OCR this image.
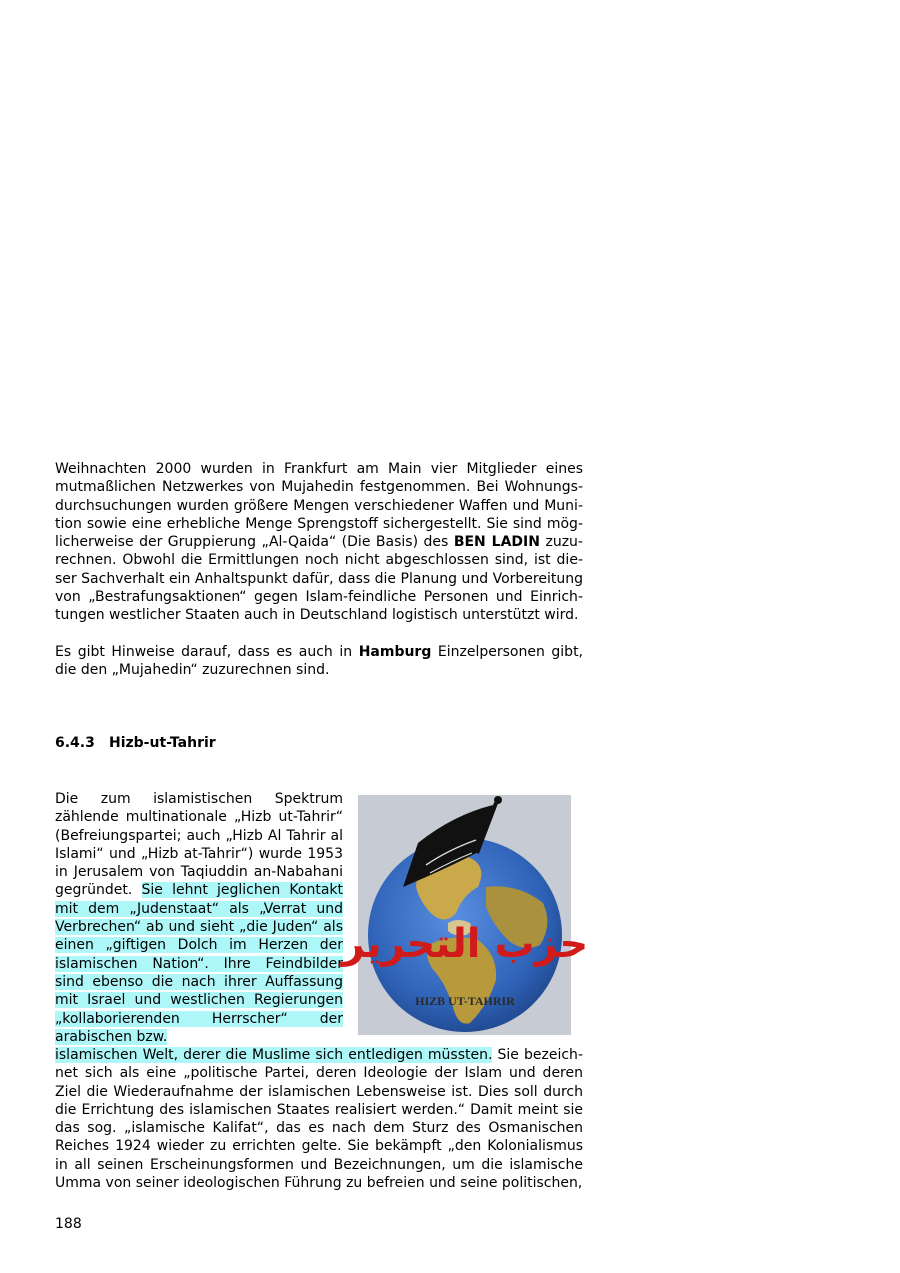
Weihnachten 2000 wurden in Frankfurt am Main vier Mitglieder eines mutmaßlichen Netzwerkes von Mujahedin festgenommen. Bei Wohnungsdurchsuchungen wurden größere Mengen verschiedener Waffen und Munition sowie eine erhebliche Menge Sprengstoff sichergestellt. Sie sind möglicherweise der Gruppierung „Al-Qaida“ (Die Basis) des BEN LADIN zuzurechnen. Obwohl die Ermittlungen noch nicht abgeschlossen sind, ist dieser Sachverhalt ein Anhaltspunkt dafür, dass die Planung und Vorbereitung von „Bestrafungsaktionen“ gegen Islam-feindliche Personen und Einrichtungen westlicher Staaten auch in Deutschland logistisch unterstützt wird.
Es gibt Hinweise darauf, dass es auch in Hamburg Einzelpersonen gibt, die den „Mujahedin“ zuzurechnen sind.
6.4.3 Hizb-ut-Tahrir
Die zum islamistischen Spektrum zählende multinationale „Hizb ut-Tahrir“ (Befreiungspartei; auch „Hizb Al Tahrir al Islami“ und „Hizb at-Tahrir“) wurde 1953 in Jerusalem von Taqiuddin an-Nabahani gegründet. Sie lehnt jeglichen Kontakt mit dem „Judenstaat“ als „Verrat und Verbrechen“ ab und sieht „die Juden“ als einen „giftigen Dolch im Herzen der islamischen Nation“. Ihre Feindbilder sind ebenso die nach ihrer Auffassung mit Israel und westlichen Regierungen „kollaborierenden Herrscher“ der arabischen bzw.
islamischen Welt, derer die Muslime sich entledigen müssten. Sie bezeichnet sich als eine „politische Partei, deren Ideologie der Islam und deren Ziel die Wiederaufnahme der islamischen Lebensweise ist. Dies soll durch die Errichtung des islamischen Staates realisiert werden.“ Damit meint sie das sog. „islamische Kalifat“, das es nach dem Sturz des Osmanischen Reiches 1924 wieder zu errichten gelte. Sie bekämpft „den Kolonialismus in all seinen Erscheinungsformen und Bezeichnungen, um die islamische Umma von seiner ideologischen Führung zu befreien und seine politischen,
حزب التحرير
HIZB UT-TAHRIR
188
